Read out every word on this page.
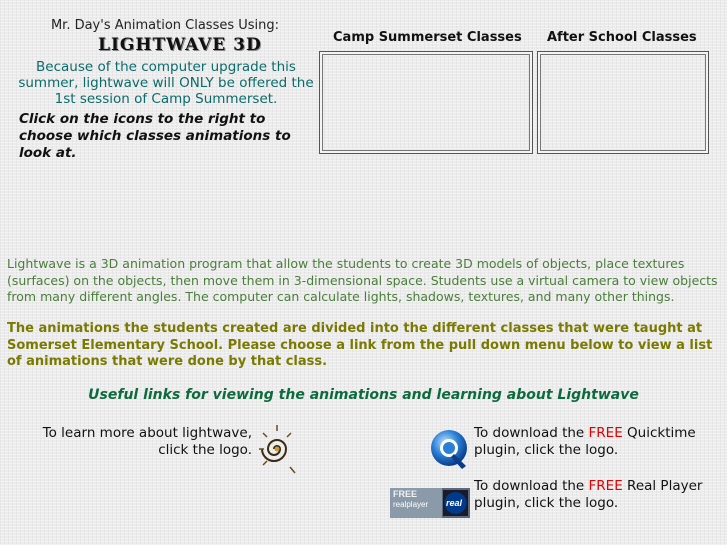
Mr. Day's Animation Classes Using:
LIGHTWAVE 3D
Because of the computer upgrade this summer, lightwave will ONLY be offered the 1st session of Camp Summerset.
Click on the icons to the right to choose which classes animations to look at.
Camp Summerset Classes After School Classes
Lightwave is a 3D animation program that allow the students to create 3D models of objects, place textures (surfaces) on the objects, then move them in 3-dimensional space. Students use a virtual camera to view objects from many different angles. The computer can calculate lights, shadows, textures, and many other things.
The animations the students created are divided into the different classes that were taught at Somerset Elementary School. Please choose a link from the pull down menu below to view a list of animations that were done by that class.
Useful links for viewing the animations and learning about Lightwave
To learn more about lightwave,
click the logo.
To download the FREE Quicktime
plugin, click the logo.
FREE
realplayer real
To download the FREE Real Player
plugin, click the logo.
